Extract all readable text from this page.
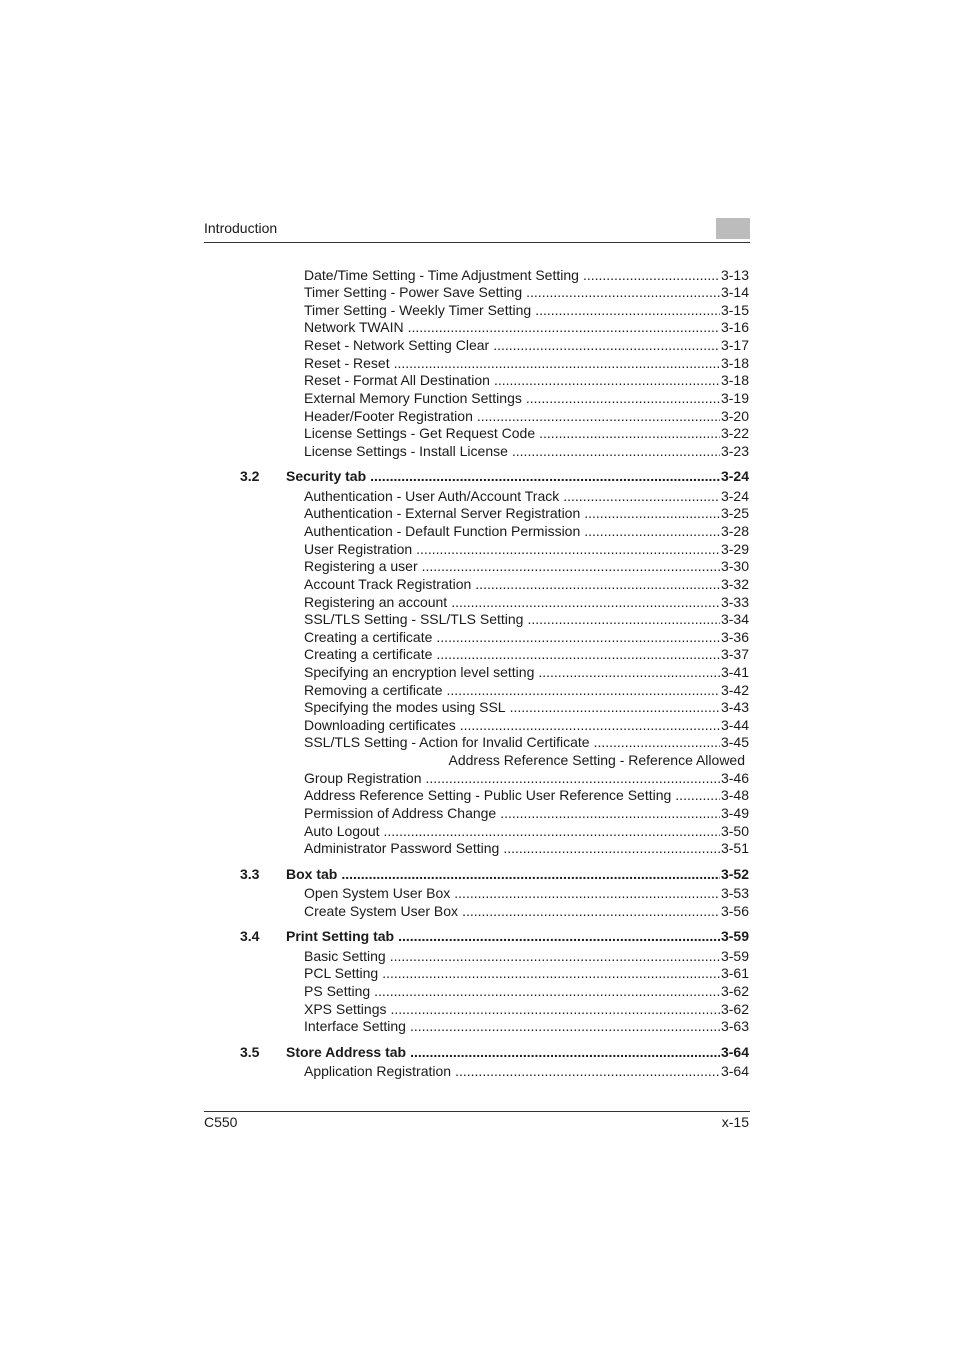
Introduction
Date/Time Setting - Time Adjustment Setting .....	3-13
Timer Setting - Power Save Setting .....	3-14
Timer Setting - Weekly Timer Setting .....	3-15
Network TWAIN .....	3-16
Reset - Network Setting Clear .....	3-17
Reset - Reset .....	3-18
Reset - Format All Destination .....	3-18
External Memory Function Settings .....	3-19
Header/Footer Registration .....	3-20
License Settings - Get Request Code .....	3-22
License Settings - Install License .....	3-23
3.2	Security tab .....	3-24
Authentication - User Auth/Account Track .....	3-24
Authentication - External Server Registration .....	3-25
Authentication - Default Function Permission .....	3-28
User Registration .....	3-29
Registering a user .....	3-30
Account Track Registration .....	3-32
Registering an account .....	3-33
SSL/TLS Setting - SSL/TLS Setting .....	3-34
Creating a certificate .....	3-36
Creating a certificate .....	3-37
Specifying an encryption level setting .....	3-41
Removing a certificate .....	3-42
Specifying the modes using SSL .....	3-43
Downloading certificates .....	3-44
SSL/TLS Setting - Action for Invalid Certificate .....	3-45
Address Reference Setting - Reference Allowed
Group Registration .....	3-46
Address Reference Setting - Public User Reference Setting .....	3-48
Permission of Address Change .....	3-49
Auto Logout .....	3-50
Administrator Password Setting .....	3-51
3.3	Box tab .....	3-52
Open System User Box .....	3-53
Create System User Box .....	3-56
3.4	Print Setting tab .....	3-59
Basic Setting .....	3-59
PCL Setting .....	3-61
PS Setting .....	3-62
XPS Settings .....	3-62
Interface Setting .....	3-63
3.5	Store Address tab .....	3-64
Application Registration .....	3-64
C550	x-15
